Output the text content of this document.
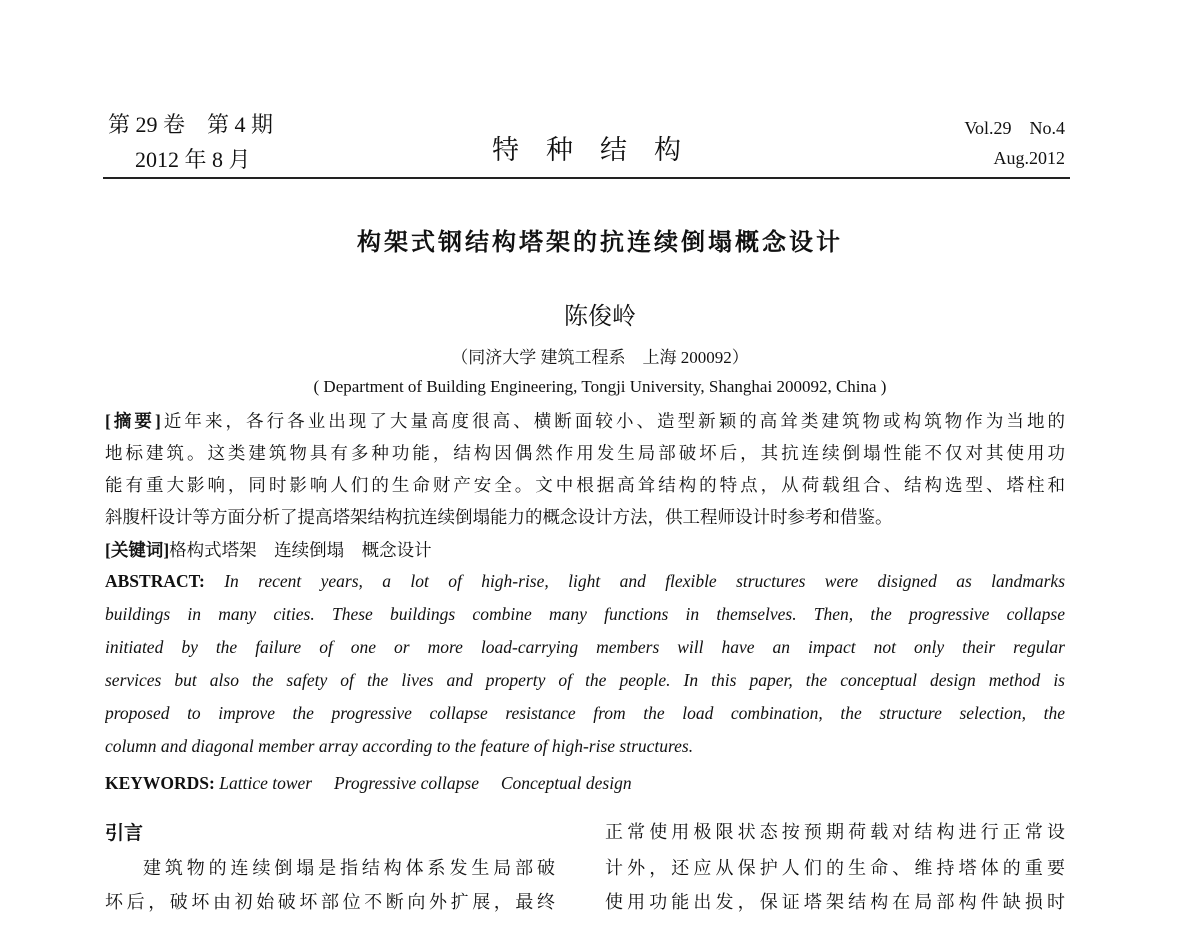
第 29 卷　第 4 期
2012 年 8 月	特　种　结　构
Vol.29　No.4
Aug.2012
构架式钢结构塔架的抗连续倒塌概念设计
陈俊岭
（同济大学 建筑工程系　上海 200092）
( Department of Building Engineering, Tongji University, Shanghai 200092, China )
[摘要]近年来，各行各业出现了大量高度很高、横断面较小、造型新颖的高耸类建筑物或构筑物作为当地的
地标建筑。这类建筑物具有多种功能，结构因偶然作用发生局部破坏后，其抗连续倒塌性能不仅对其使用功
能有重大影响，同时影响人们的生命财产安全。文中根据高耸结构的特点，从荷载组合、结构选型、塔柱和
斜腹杆设计等方面分析了提高塔架结构抗连续倒塌能力的概念设计方法，供工程师设计时参考和借鉴。
[关键词]格构式塔架　连续倒塌　概念设计
ABSTRACT: In recent years, a lot of high-rise, light and flexible structures were disigned as landmarks
buildings in many cities. These buildings combine many functions in themselves. Then, the progressive collapse
initiated by the failure of one or more load-carrying members will have an impact not only their regular
services but also the safety of the lives and property of the people. In this paper, the conceptual design method is
proposed to improve the progressive collapse resistance from the load combination, the structure selection, the
column and diagonal member array according to the feature of high-rise structures.
KEYWORDS: Lattice tower　 Progressive collapse　 Conceptual design
引言
建筑物的连续倒塌是指结构体系发生局部破
坏后，破坏由初始破坏部位不断向外扩展，最终
正常使用极限状态按预期荷载对结构进行正常设
计外，还应从保护人们的生命、维持塔体的重要
使用功能出发，保证塔架结构在局部构件缺损时
